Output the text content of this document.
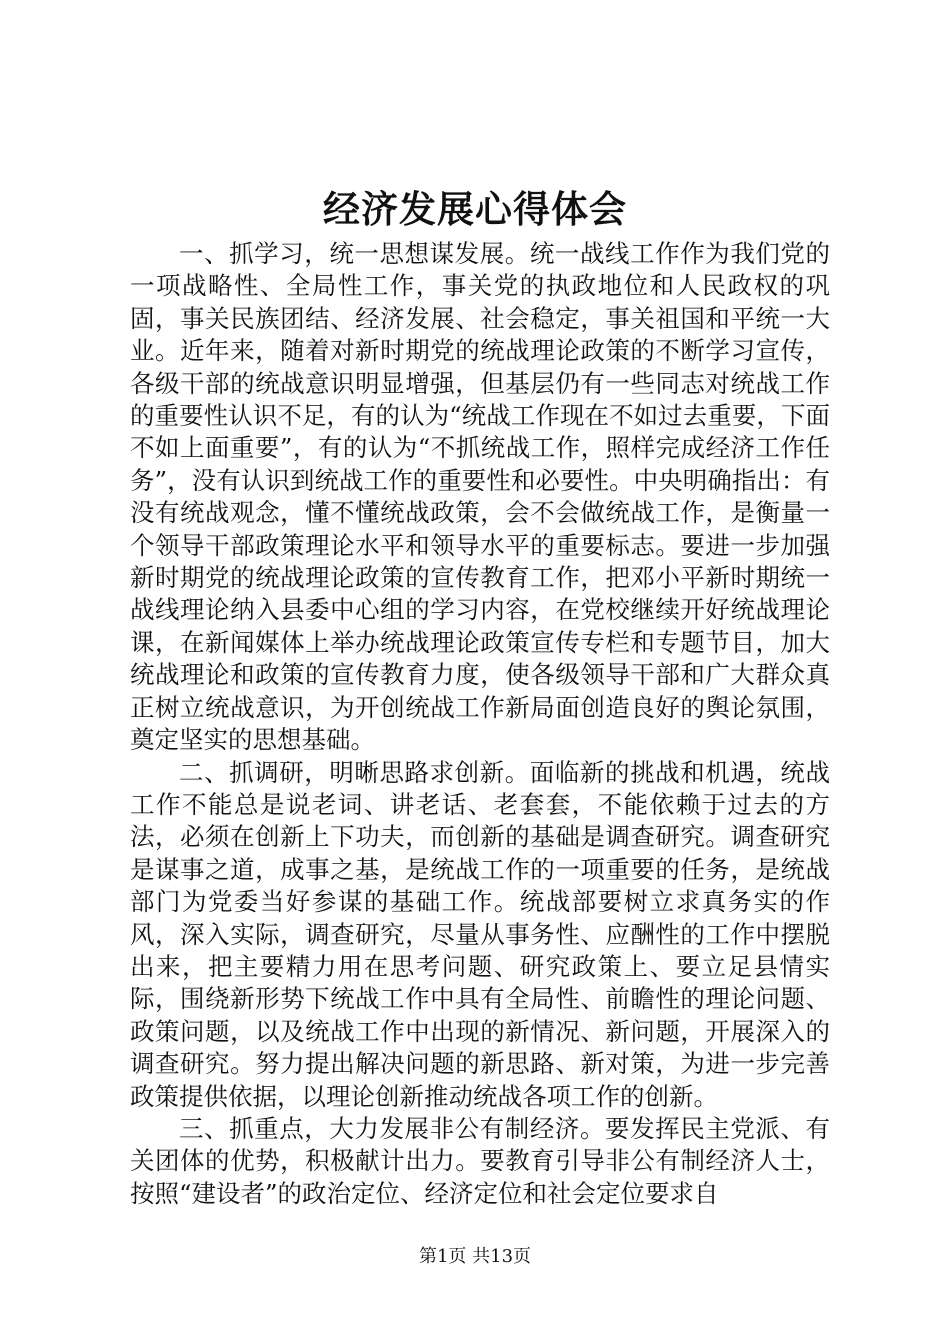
经济发展心得体会

一、抓学习，统一思想谋发展。统一战线工作作为我们党的一项战略性、全局性工作，事关党的执政地位和人民政权的巩固，事关民族团结、经济发展、社会稳定，事关祖国和平统一大业。近年来，随着对新时期党的统战理论政策的不断学习宣传，各级干部的统战意识明显增强，但基层仍有一些同志对统战工作的重要性认识不足，有的认为“统战工作现在不如过去重要，下面不如上面重要”，有的认为“不抓统战工作，照样完成经济工作任务”，没有认识到统战工作的重要性和必要性。中央明确指出：有没有统战观念，懂不懂统战政策，会不会做统战工作，是衡量一个领导干部政策理论水平和领导水平的重要标志。要进一步加强新时期党的统战理论政策的宣传教育工作，把邓小平新时期统一战线理论纳入县委中心组的学习内容，在党校继续开好统战理论课，在新闻媒体上举办统战理论政策宣传专栏和专题节目，加大统战理论和政策的宣传教育力度，使各级领导干部和广大群众真正树立统战意识，为开创统战工作新局面创造良好的舆论氛围，奠定坚实的思想基础。

二、抓调研，明晰思路求创新。面临新的挑战和机遇，统战工作不能总是说老词、讲老话、老套套，不能依赖于过去的方法，必须在创新上下功夫，而创新的基础是调查研究。调查研究是谋事之道，成事之基，是统战工作的一项重要的任务，是统战部门为党委当好参谋的基础工作。统战部要树立求真务实的作风，深入实际，调查研究，尽量从事务性、应酬性的工作中摆脱出来，把主要精力用在思考问题、研究政策上、要立足县情实际，围绕新形势下统战工作中具有全局性、前瞻性的理论问题、政策问题，以及统战工作中出现的新情况、新问题，开展深入的调查研究。努力提出解决问题的新思路、新对策，为进一步完善政策提供依据，以理论创新推动统战各项工作的创新。

三、抓重点，大力发展非公有制经济。要发挥民主党派、有关团体的优势，积极献计出力。要教育引导非公有制经济人士，按照“建设者”的政治定位、经济定位和社会定位要求自

第1页 共13页
